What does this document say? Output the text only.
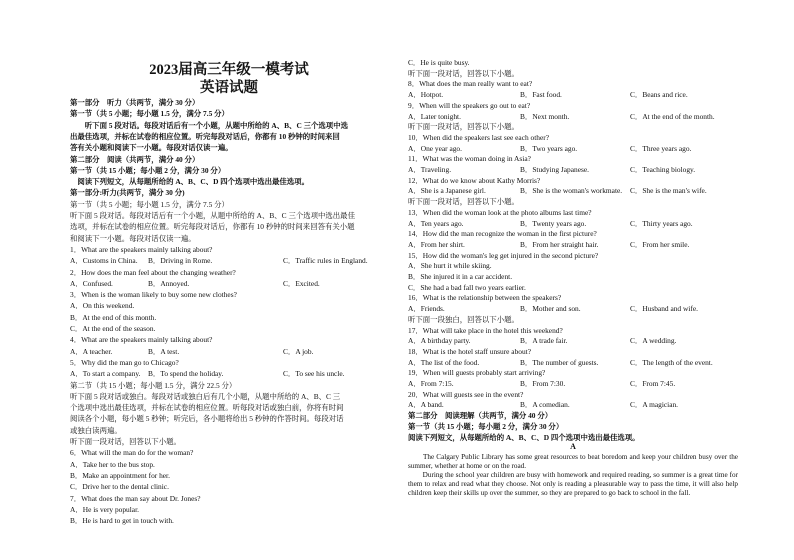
2023届高三年级一模考试
英语试题
第一部分　听力（共两节，满分 30 分）
第一节（共 5 小题；每小题 1.5 分，满分 7.5 分）
　　听下面 5 段对话。每段对话后有一个小题，从题中所给的 A、B、C 三个选项中选
出最佳选项，并标在试卷的相应位置。听完每段对话后，你都有 10 秒钟的时间来回
答有关小题和阅读下一小题。每段对话仅读一遍。
第二部分　阅读（共两节，满分 40 分）
第一节（共 15 小题；每小题 2 分，满分 30 分）
　阅读下列短文，从每题所给的 A、B、C、D 四个选项中选出最佳选项。
第一部分:听力(共两节，满分 30 分)
第一节（共 5 小题；每小题 1.5 分，满分 7.5 分）
听下面 5 段对话。每段对话后有一个小题，从题中所给的 A、B、C 三个选项中选出最佳
选项，并标在试卷的相应位置。听完每段对话后，你都有 10 秒钟的时间来回答有关小题
和阅读下一小题。每段对话仅读一遍。
1．What are the speakers mainly talking about?
A．Customs in China. B．Driving in Rome.	C．Traffic rules in England.
2．How does the man feel about the changing weather?
A．Confused.	B．Annoyed.	C．Excited.
3．When is the woman likely to buy some new clothes?
A．On this weekend.
B．At the end of this month.
C．At the end of the season.
4．What are the speakers mainly talking about?
A．A teacher.	B．A test.	C．A job.
5．Why did the man go to Chicago?
A．To start a company. B．To spend the holiday.	C．To see his uncle.
第二节（共 15 小题；每小题 1.5 分，满分 22.5 分）
听下面 5 段对话或独白。每段对话或独白后有几个小题，从题中所给的 A、B、C 三
个选项中选出最佳选项，并标在试卷的相应位置。听每段对话或独白前，你将有时间
阅读各个小题，每小题 5 秒钟；听完后，各小题将给出 5 秒钟的作答时间。每段对话
或独白读两遍。
听下面一段对话，回答以下小题。
6．What will the man do for the woman?
A．Take her to the bus stop.
B．Make an appointment for her.
C．Drive her to the dental clinic.
7．What does the man say about Dr. Jones?
A．He is very popular.
B．He is hard to get in touch with.
C．He is quite busy.
听下面一段对话，回答以下小题。
8．What does the man really want to eat?
A．Hotpot.	B．Fast food.	C．Beans and rice.
9．When will the speakers go out to eat?
A．Later tonight.	B．Next month.	C．At the end of the month.
听下面一段对话，回答以下小题。
10．When did the speakers last see each other?
A．One year ago.	B．Two years ago.	C．Three years ago.
11．What was the woman doing in Asia?
A．Traveling.	B．Studying Japanese.	C．Teaching biology.
12．What do we know about Kathy Morris?
A．She is a Japanese girl.	B．She is the woman's workmate. C．She is the man's wife.
听下面一段对话，回答以下小题。
13．When did the woman look at the photo albums last time?
A．Ten years ago.	B．Twenty years ago.	C．Thirty years ago.
14．How did the man recognize the woman in the first picture?
A．From her shirt.	B．From her straight hair.	C．From her smile.
15．How did the woman's leg get injured in the second picture?
A．She hurt it while skiing.
B．She injured it in a car accident.
C．She had a bad fall two years earlier.
16．What is the relationship between the speakers?
A．Friends.	B．Mother and son.	C．Husband and wife.
听下面一段独白，回答以下小题。
17．What will take place in the hotel this weekend?
A．A birthday party.	B．A trade fair.	C．A wedding.
18．What is the hotel staff unsure about?
A．The list of the food.	B．The number of guests.	C．The length of the event.
19．When will guests probably start arriving?
A．From 7:15.	B．From 7:30.	C．From 7:45.
20．What will guests see in the event?
A．A band.	B．A comedian.	C．A magician.
第二部分　阅读理解（共两节，满分 40 分）
第一节（共 15 小题；每小题 2 分，满分 30 分）
阅读下列短文，从每题所给的 A、B、C、D 四个选项中选出最佳选项。
A
　　The Calgary Public Library has some great resources to beat boredom and keep your children busy over the summer, whether at home or on the road.
　　During the school year children are busy with homework and required reading, so summer is a great time for them to relax and read what they choose. Not only is reading a pleasurable way to pass the time, it will also help children keep their skills up over the summer, so they are prepared to go back to school in the fall.
